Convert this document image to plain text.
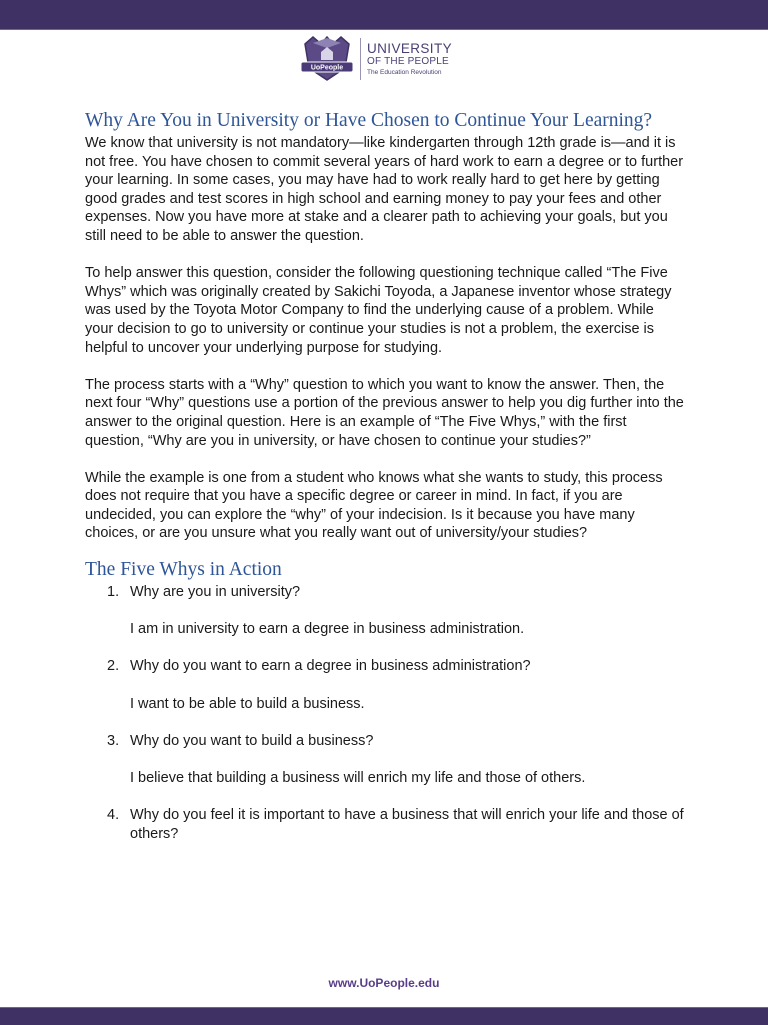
UoPeople
UNIVERSITY
OF THE PEOPLE
The Education Revolution
Why Are You in University or Have Chosen to Continue Your Learning?

We know that university is not mandatory—like kindergarten through 12th grade is—and it is not free. You have chosen to commit several years of hard work to earn a degree or to further your learning. In some cases, you may have had to work really hard to get here by getting good grades and test scores in high school and earning money to pay your fees and other expenses. Now you have more at stake and a clearer path to achieving your goals, but you still need to be able to answer the question.

To help answer this question, consider the following questioning technique called “The Five Whys” which was originally created by Sakichi Toyoda, a Japanese inventor whose strategy was used by the Toyota Motor Company to find the underlying cause of a problem. While your decision to go to university or continue your studies is not a problem, the exercise is helpful to uncover your underlying purpose for studying.

The process starts with a “Why” question to which you want to know the answer. Then, the next four “Why” questions use a portion of the previous answer to help you dig further into the answer to the original question. Here is an example of “The Five Whys,” with the first question, “Why are you in university, or have chosen to continue your studies?”

While the example is one from a student who knows what she wants to study, this process does not require that you have a specific degree or career in mind. In fact, if you are undecided, you can explore the “why” of your indecision. Is it because you have many choices, or are you unsure what you really want out of university/your studies?

The Five Whys in Action
1. Why are you in university?
I am in university to earn a degree in business administration.
2. Why do you want to earn a degree in business administration?
I want to be able to build a business.
3. Why do you want to build a business?
I believe that building a business will enrich my life and those of others.
4. Why do you feel it is important to have a business that will enrich your life and those of others?
www.UoPeople.edu
